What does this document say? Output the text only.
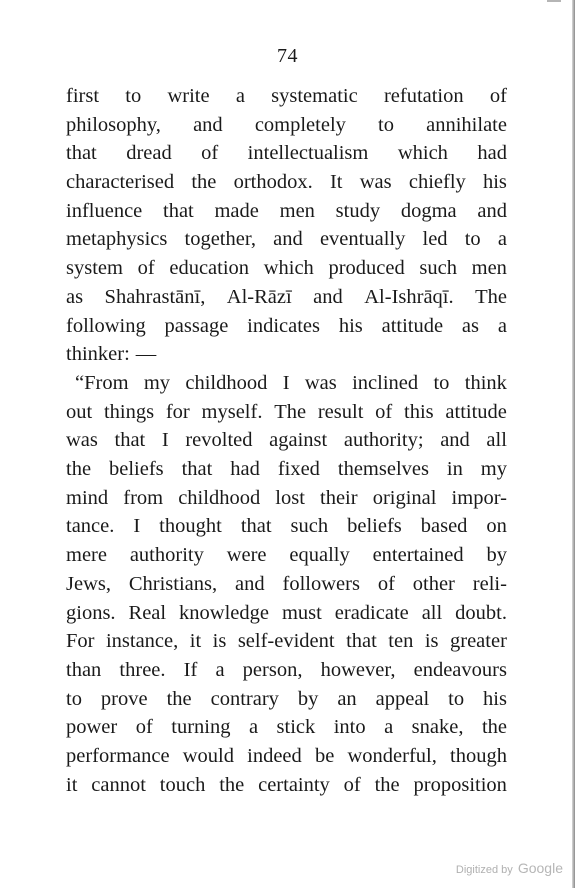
74
first to write a systematic refutation of
philosophy, and completely to annihilate
that dread of intellectualism which had
characterised the orthodox. It was chiefly his
influence that made men study dogma and
metaphysics together, and eventually led to a
system of education which produced such men
as Shahrastānī, Al-Rāzī and Al-Ishrāqī. The
following passage indicates his attitude as a
thinker: —
“From my childhood I was inclined to think
out things for myself. The result of this attitude
was that I revolted against authority; and all
the beliefs that had fixed themselves in my
mind from childhood lost their original impor-
tance. I thought that such beliefs based on
mere authority were equally entertained by
Jews, Christians, and followers of other reli-
gions. Real knowledge must eradicate all doubt.
For instance, it is self-evident that ten is greater
than three. If a person, however, endeavours
to prove the contrary by an appeal to his
power of turning a stick into a snake, the
performance would indeed be wonderful, though
it cannot touch the certainty of the proposition
Digitized by Google
